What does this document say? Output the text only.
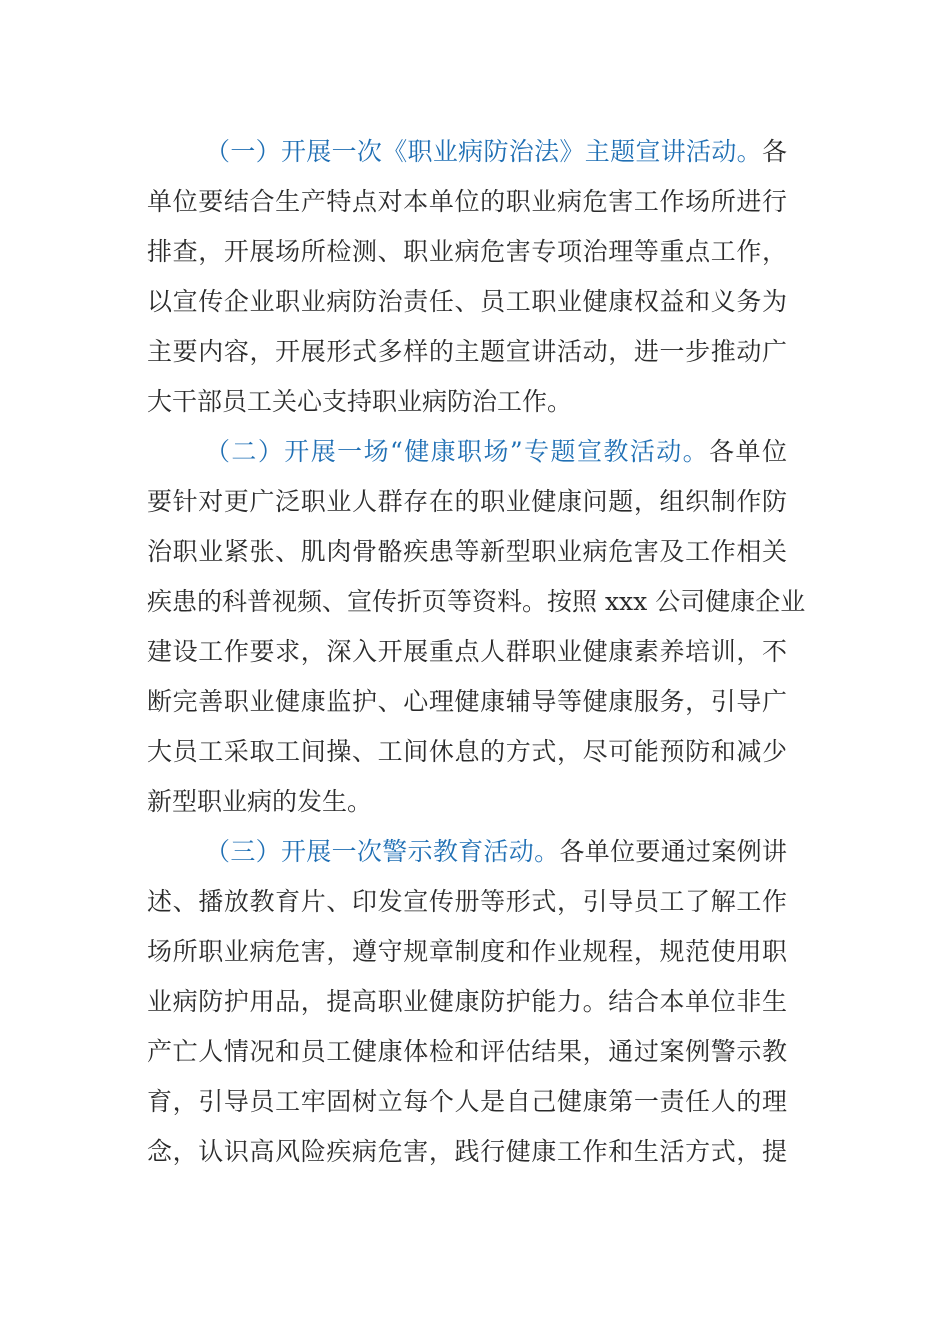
（一）开展一次《职业病防治法》主题宣讲活动。各
单位要结合生产特点对本单位的职业病危害工作场所进行
排查，开展场所检测、职业病危害专项治理等重点工作，
以宣传企业职业病防治责任、员工职业健康权益和义务为
主要内容，开展形式多样的主题宣讲活动，进一步推动广
大干部员工关心支持职业病防治工作。
（二）开展一场“健康职场”专题宣教活动。各单位
要针对更广泛职业人群存在的职业健康问题，组织制作防
治职业紧张、肌肉骨骼疾患等新型职业病危害及工作相关
疾患的科普视频、宣传折页等资料。按照 xxx 公司健康企业
建设工作要求，深入开展重点人群职业健康素养培训，不
断完善职业健康监护、心理健康辅导等健康服务，引导广
大员工采取工间操、工间休息的方式，尽可能预防和减少
新型职业病的发生。
（三）开展一次警示教育活动。各单位要通过案例讲
述、播放教育片、印发宣传册等形式，引导员工了解工作
场所职业病危害，遵守规章制度和作业规程，规范使用职
业病防护用品，提高职业健康防护能力。结合本单位非生
产亡人情况和员工健康体检和评估结果，通过案例警示教
育，引导员工牢固树立每个人是自己健康第一责任人的理
念，认识高风险疾病危害，践行健康工作和生活方式，提
